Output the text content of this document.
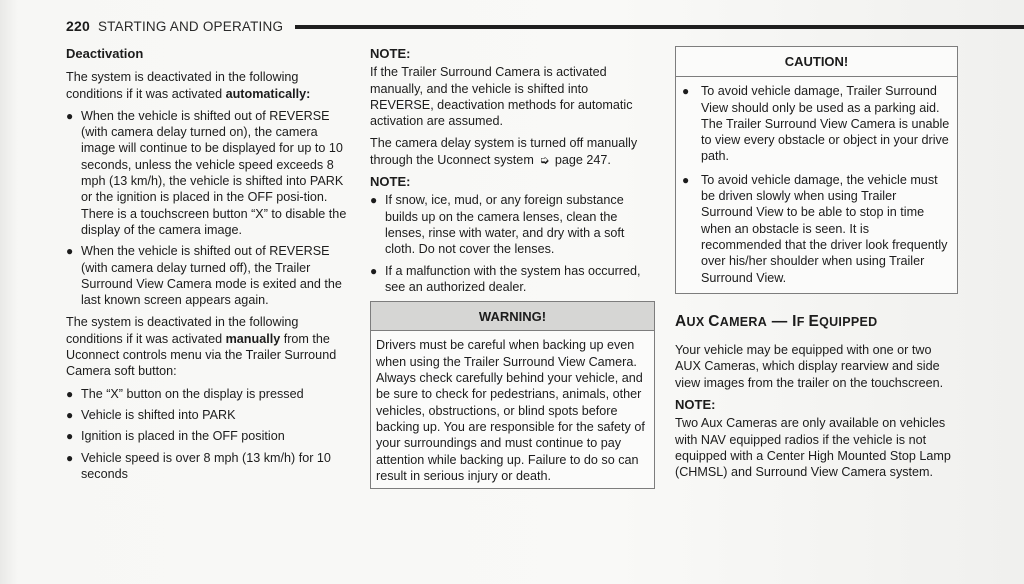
220 STARTING AND OPERATING
Deactivation

The system is deactivated in the following conditions if it was activated automatically:

● When the vehicle is shifted out of REVERSE (with camera delay turned on), the camera image will continue to be displayed for up to 10 seconds, unless the vehicle speed exceeds 8 mph (13 km/h), the vehicle is shifted into PARK or the ignition is placed in the OFF posi-tion. There is a touchscreen button “X” to disable the display of the camera image.
● When the vehicle is shifted out of REVERSE (with camera delay turned off), the Trailer Surround View Camera mode is exited and the last known screen appears again.

The system is deactivated in the following conditions if it was activated manually from the Uconnect controls menu via the Trailer Surround Camera soft button:

● The “X” button on the display is pressed
● Vehicle is shifted into PARK
● Ignition is placed in the OFF position
● Vehicle speed is over 8 mph (13 km/h) for 10 seconds
NOTE:

If the Trailer Surround Camera is activated manually, and the vehicle is shifted into REVERSE, deactivation methods for automatic activation are assumed.

The camera delay system is turned off manually through the Uconnect system ➭ page 247.

NOTE:
● If snow, ice, mud, or any foreign substance builds up on the camera lenses, clean the lenses, rinse with water, and dry with a soft cloth. Do not cover the lenses.
● If a malfunction with the system has occurred, see an authorized dealer.
WARNING!
Drivers must be careful when backing up even when using the Trailer Surround View Camera. Always check carefully behind your vehicle, and be sure to check for pedestrians, animals, other vehicles, obstructions, or blind spots before backing up. You are responsible for the safety of your surroundings and must continue to pay attention while backing up. Failure to do so can result in serious injury or death.
CAUTION!
● To avoid vehicle damage, Trailer Surround View should only be used as a parking aid. The Trailer Surround View Camera is unable to view every obstacle or object in your drive path.
● To avoid vehicle damage, the vehicle must be driven slowly when using Trailer Surround View to be able to stop in time when an obstacle is seen. It is recommended that the driver look frequently over his/her shoulder when using Trailer Surround View.
AUX CAMERA — IF EQUIPPED

Your vehicle may be equipped with one or two AUX Cameras, which display rearview and side view images from the trailer on the touchscreen.

NOTE:

Two Aux Cameras are only available on vehicles with NAV equipped radios if the vehicle is not equipped with a Center High Mounted Stop Lamp (CHMSL) and Surround View Camera system.
